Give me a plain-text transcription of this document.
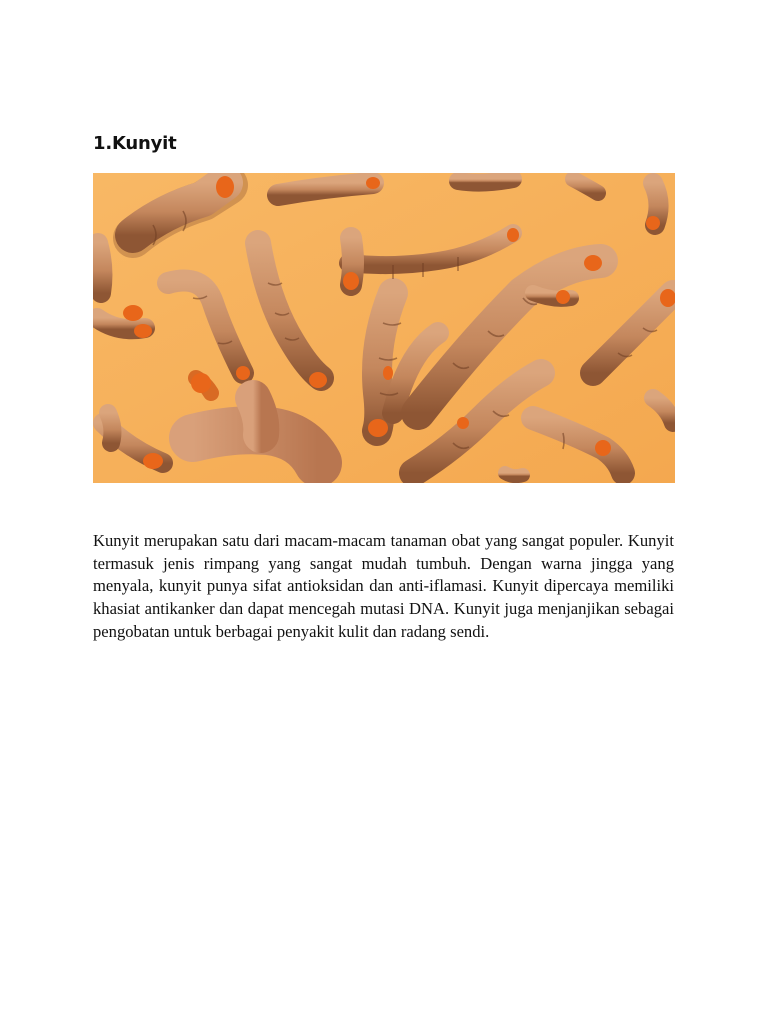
1.Kunyit

Kunyit merupakan satu dari macam-macam tanaman obat yang sangat populer. Kunyit termasuk jenis rimpang yang sangat mudah tumbuh. Dengan warna jingga yang menyala, kunyit punya sifat antioksidan dan anti-iflamasi. Kunyit dipercaya memiliki khasiat antikanker dan dapat mencegah mutasi DNA. Kunyit juga menjanjikan sebagai pengobatan untuk berbagai penyakit kulit dan radang sendi.
